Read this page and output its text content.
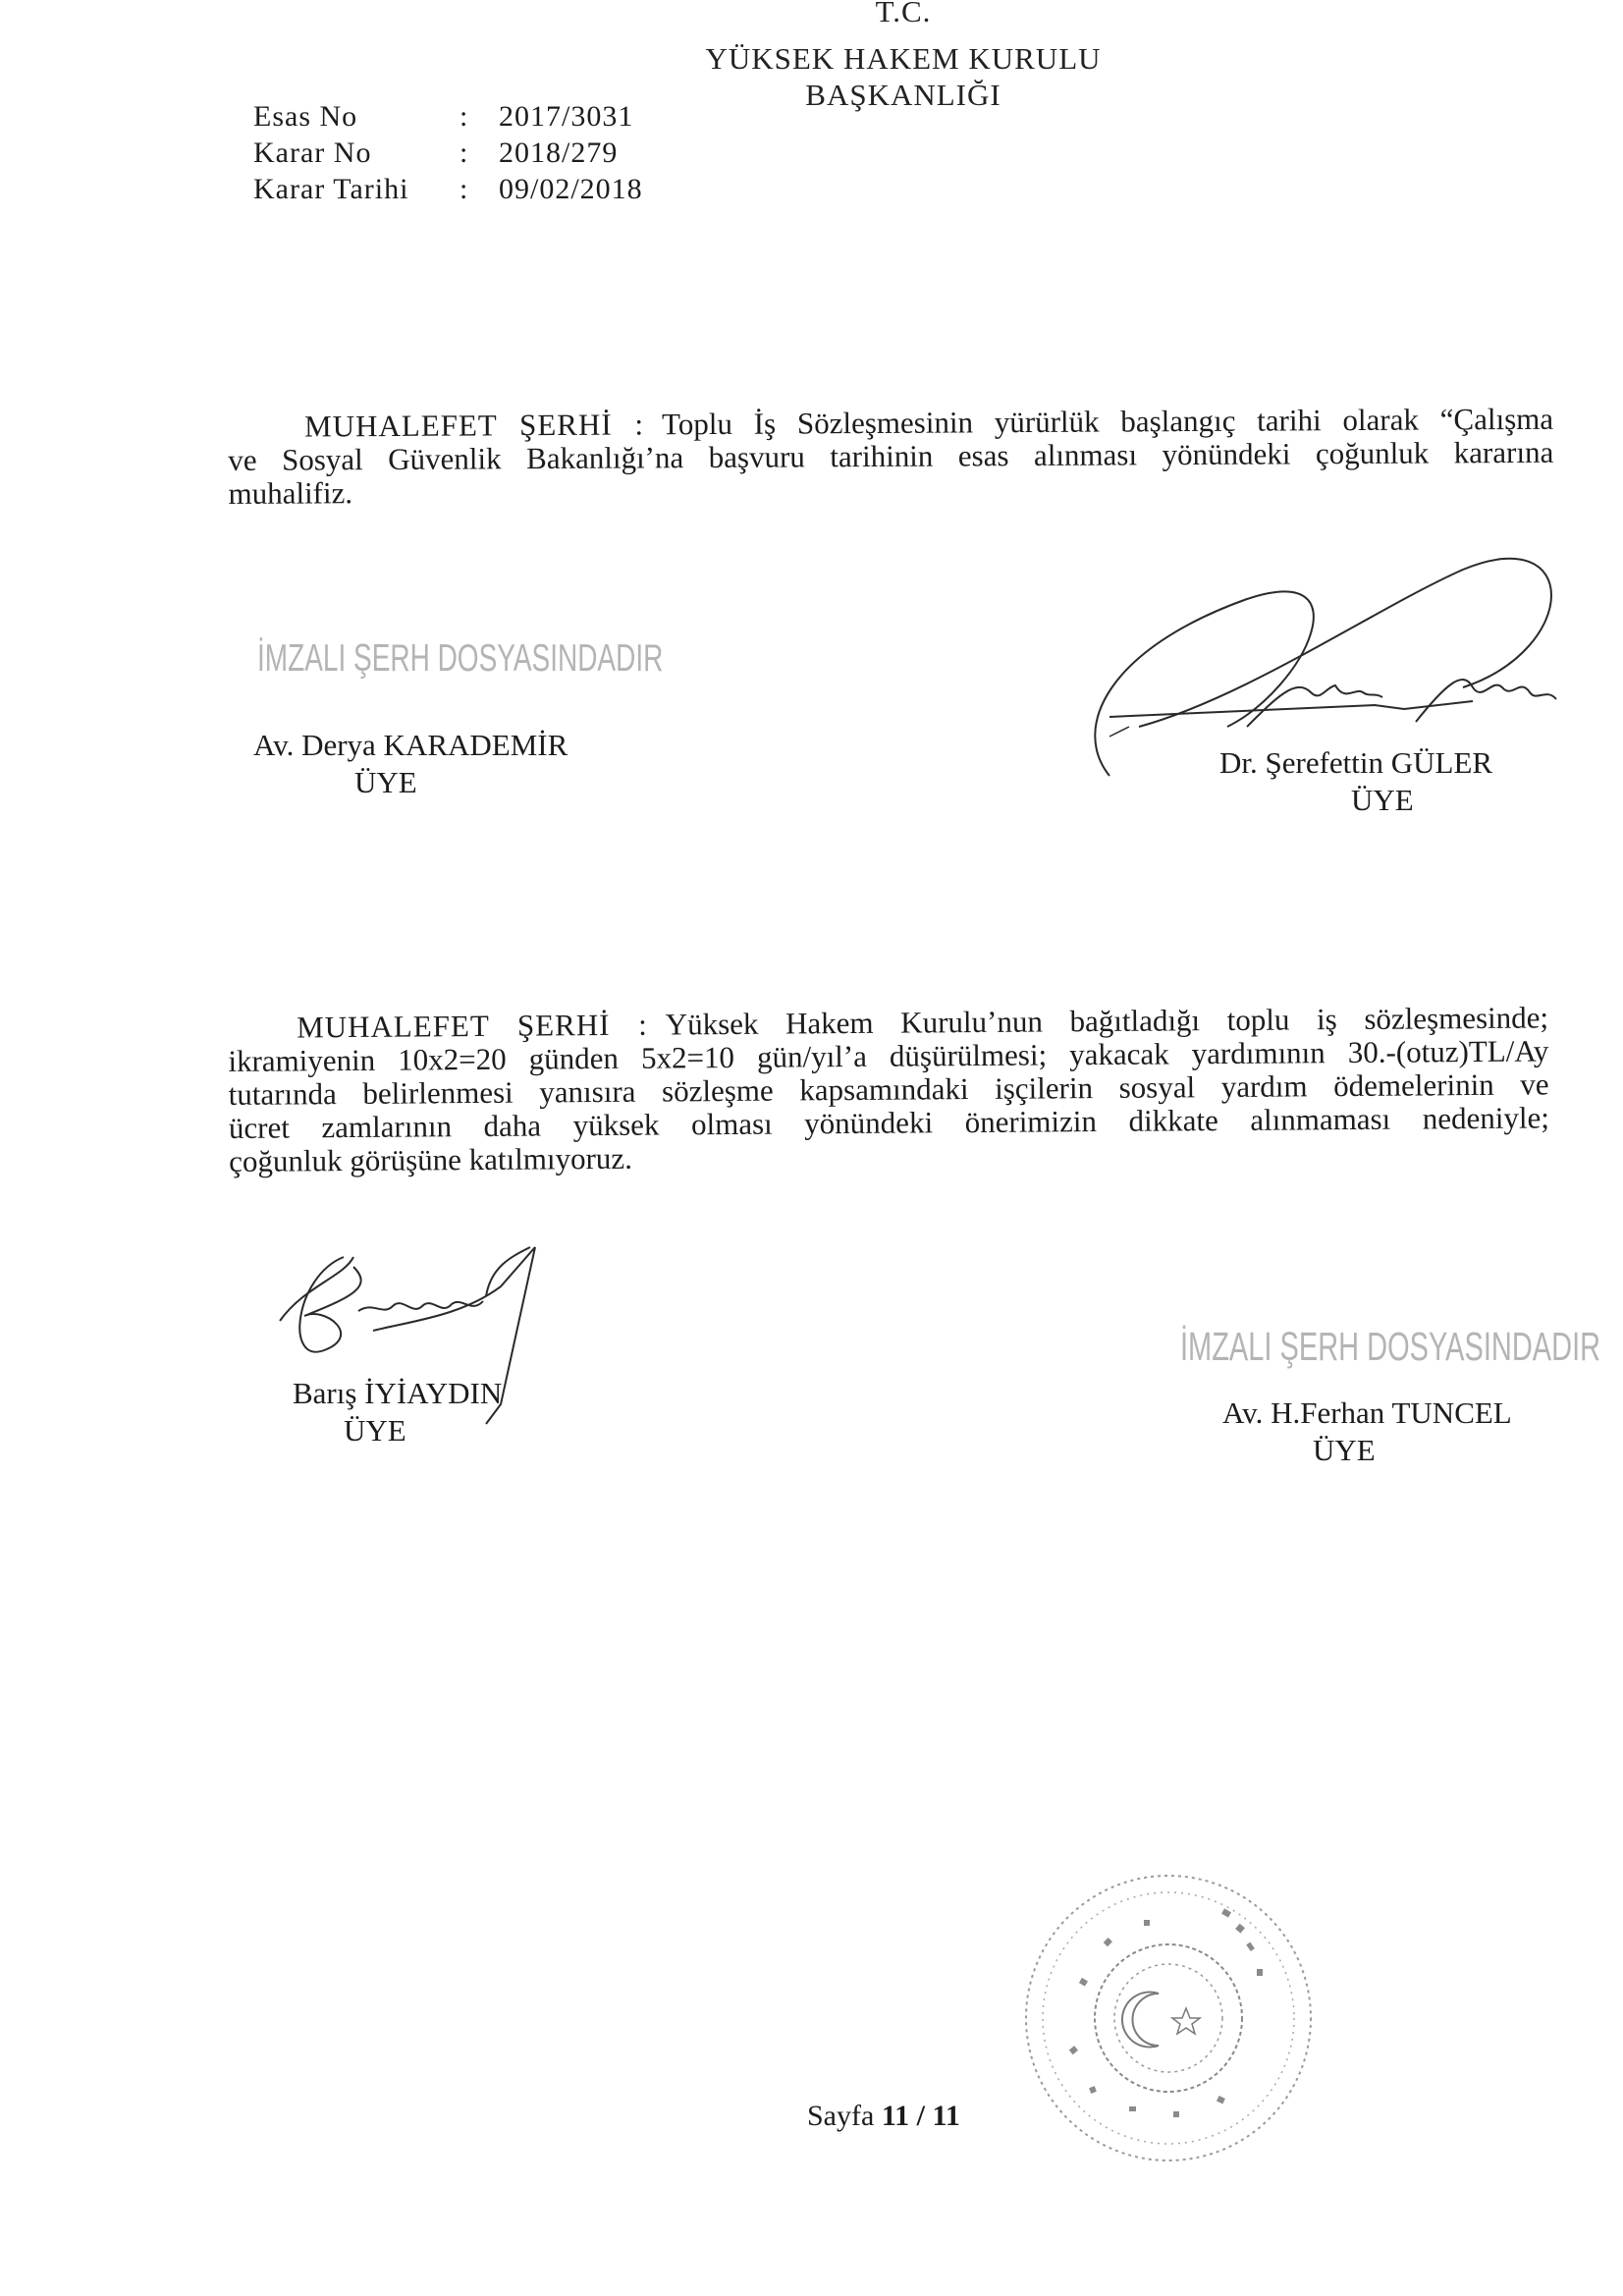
T.C.
YÜKSEK HAKEM KURULU
BAŞKANLIĞI
Esas No	:	2017/3031
Karar No	:	2018/279
Karar Tarihi	:	09/02/2018
MUHALEFET ŞERHİ : Toplu İş Sözleşmesinin yürürlük başlangıç tarihi olarak “Çalışma
ve Sosyal Güvenlik Bakanlığı’na başvuru tarihinin esas alınması yönündeki çoğunluk kararına
muhalifiz.
İMZALI ŞERH DOSYASINDADIR
Av. Derya KARADEMİR
ÜYE
Dr. Şerefettin GÜLER
ÜYE
MUHALEFET ŞERHİ : Yüksek Hakem Kurulu’nun bağıtladığı toplu iş sözleşmesinde;
ikramiyenin 10x2=20 günden 5x2=10 gün/yıl’a düşürülmesi; yakacak yardımının 30.-(otuz)TL/Ay
tutarında belirlenmesi yanısıra sözleşme kapsamındaki işçilerin sosyal yardım ödemelerinin ve
ücret zamlarının daha yüksek olması yönündeki önerimizin dikkate alınmaması nedeniyle;
çoğunluk görüşüne katılmıyoruz.
Barış İYİAYDIN
ÜYE
İMZALI ŞERH DOSYASINDADIR
Av. H.Ferhan TUNCEL
ÜYE
Sayfa 11 / 11
